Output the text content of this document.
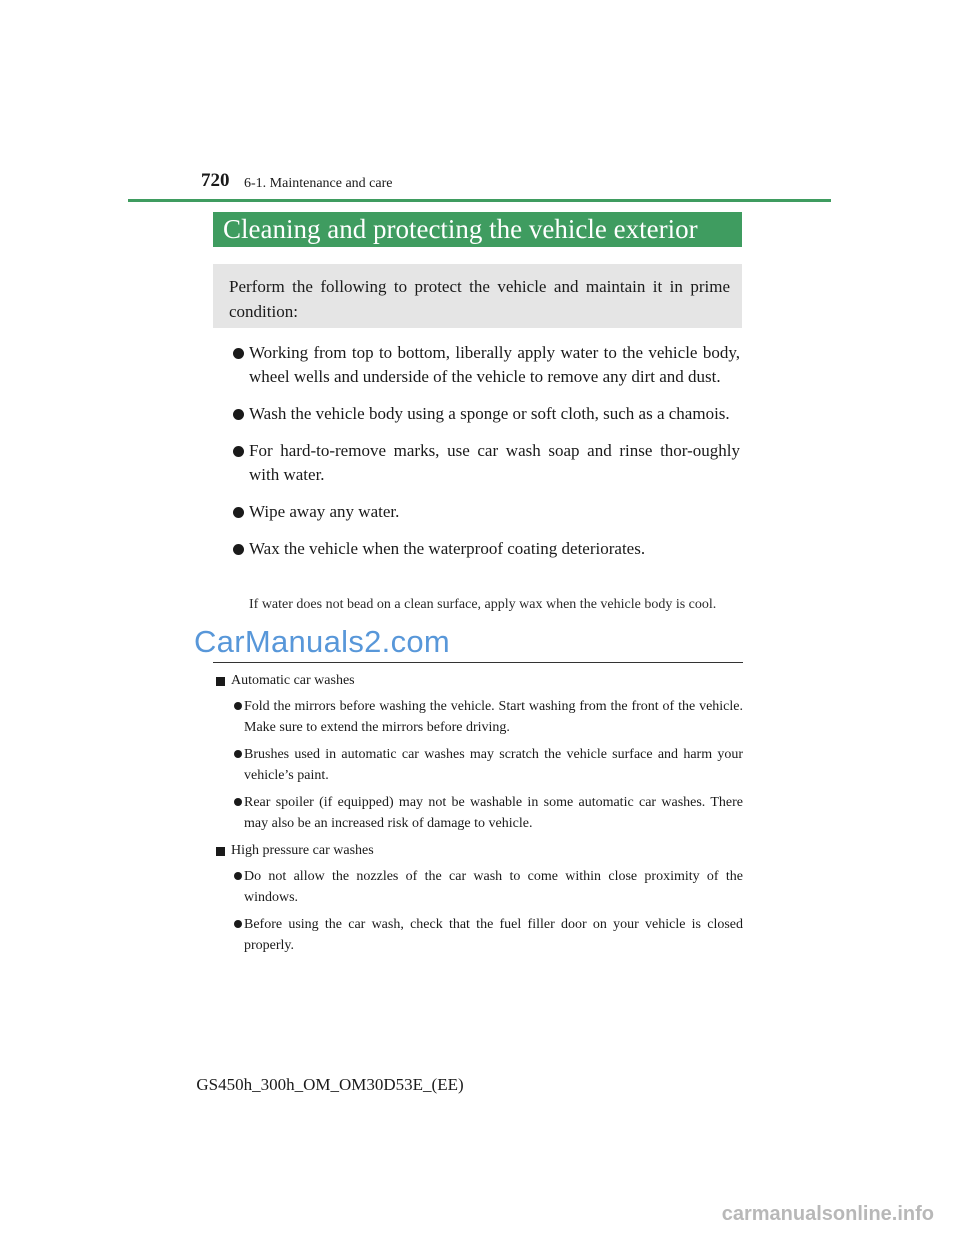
720 6-1. Maintenance and care
Cleaning and protecting the vehicle exterior
Perform the following to protect the vehicle and maintain it in prime condition:
Working from top to bottom, liberally apply water to the vehicle body, wheel wells and underside of the vehicle to remove any dirt and dust.
Wash the vehicle body using a sponge or soft cloth, such as a chamois.
For hard-to-remove marks, use car wash soap and rinse thor-oughly with water.
Wipe away any water.
Wax the vehicle when the waterproof coating deteriorates.
If water does not bead on a clean surface, apply wax when the vehicle body is cool.
CarManuals2.com
Automatic car washes
Fold the mirrors before washing the vehicle. Start washing from the front of the vehicle. Make sure to extend the mirrors before driving.
Brushes used in automatic car washes may scratch the vehicle surface and harm your vehicle’s paint.
Rear spoiler (if equipped) may not be washable in some automatic car washes. There may also be an increased risk of damage to vehicle.
High pressure car washes
Do not allow the nozzles of the car wash to come within close proximity of the windows.
Before using the car wash, check that the fuel filler door on your vehicle is closed properly.
GS450h_300h_OM_OM30D53E_(EE)
carmanualsonline.info
